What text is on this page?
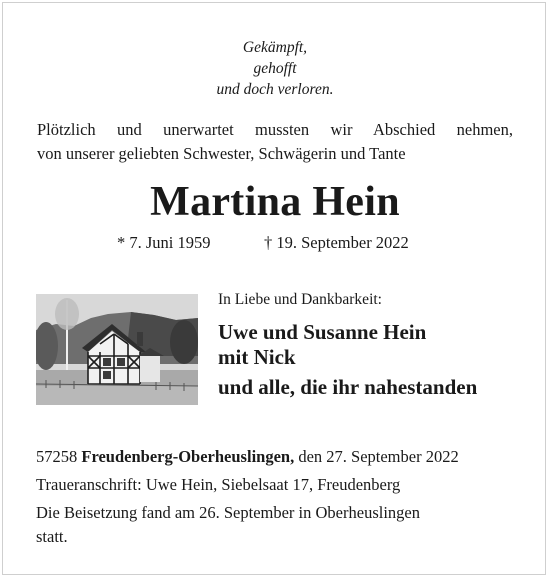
Gekämpft,
gehofft
und doch verloren.
Plötzlich und unerwartet mussten wir Abschied nehmen,
von unserer geliebten Schwester, Schwägerin und Tante
Martina Hein
* 7. Juni 1959	† 19. September 2022
In Liebe und Dankbarkeit:
Uwe und Susanne Hein
mit Nick
und alle, die ihr nahestanden
57258 Freudenberg-Oberheuslingen, den 27. September 2022
Traueranschrift: Uwe Hein, Siebelsaat 17, Freudenberg
Die Beisetzung fand am 26. September in Oberheuslingen
statt.
